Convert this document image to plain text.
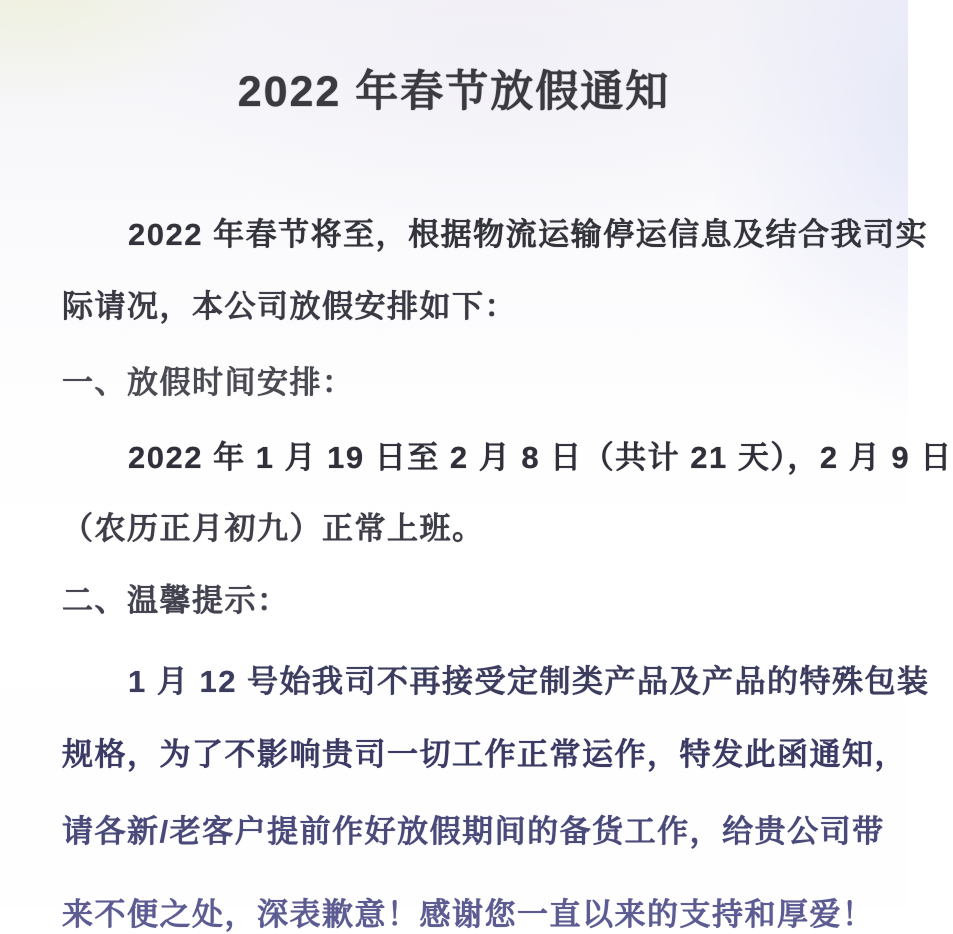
2022 年春节放假通知
2022 年春节将至，根据物流运输停运信息及结合我司实
际请况，本公司放假安排如下：
一、放假时间安排：
2022 年 1 月 19 日至 2 月 8 日（共计 21 天），2 月 9 日
（农历正月初九）正常上班。
二、温馨提示：
1 月 12 号始我司不再接受定制类产品及产品的特殊包装
规格，为了不影响贵司一切工作正常运作，特发此函通知，
请各新/老客户提前作好放假期间的备货工作，给贵公司带
来不便之处，深表歉意！感谢您一直以来的支持和厚爱！
